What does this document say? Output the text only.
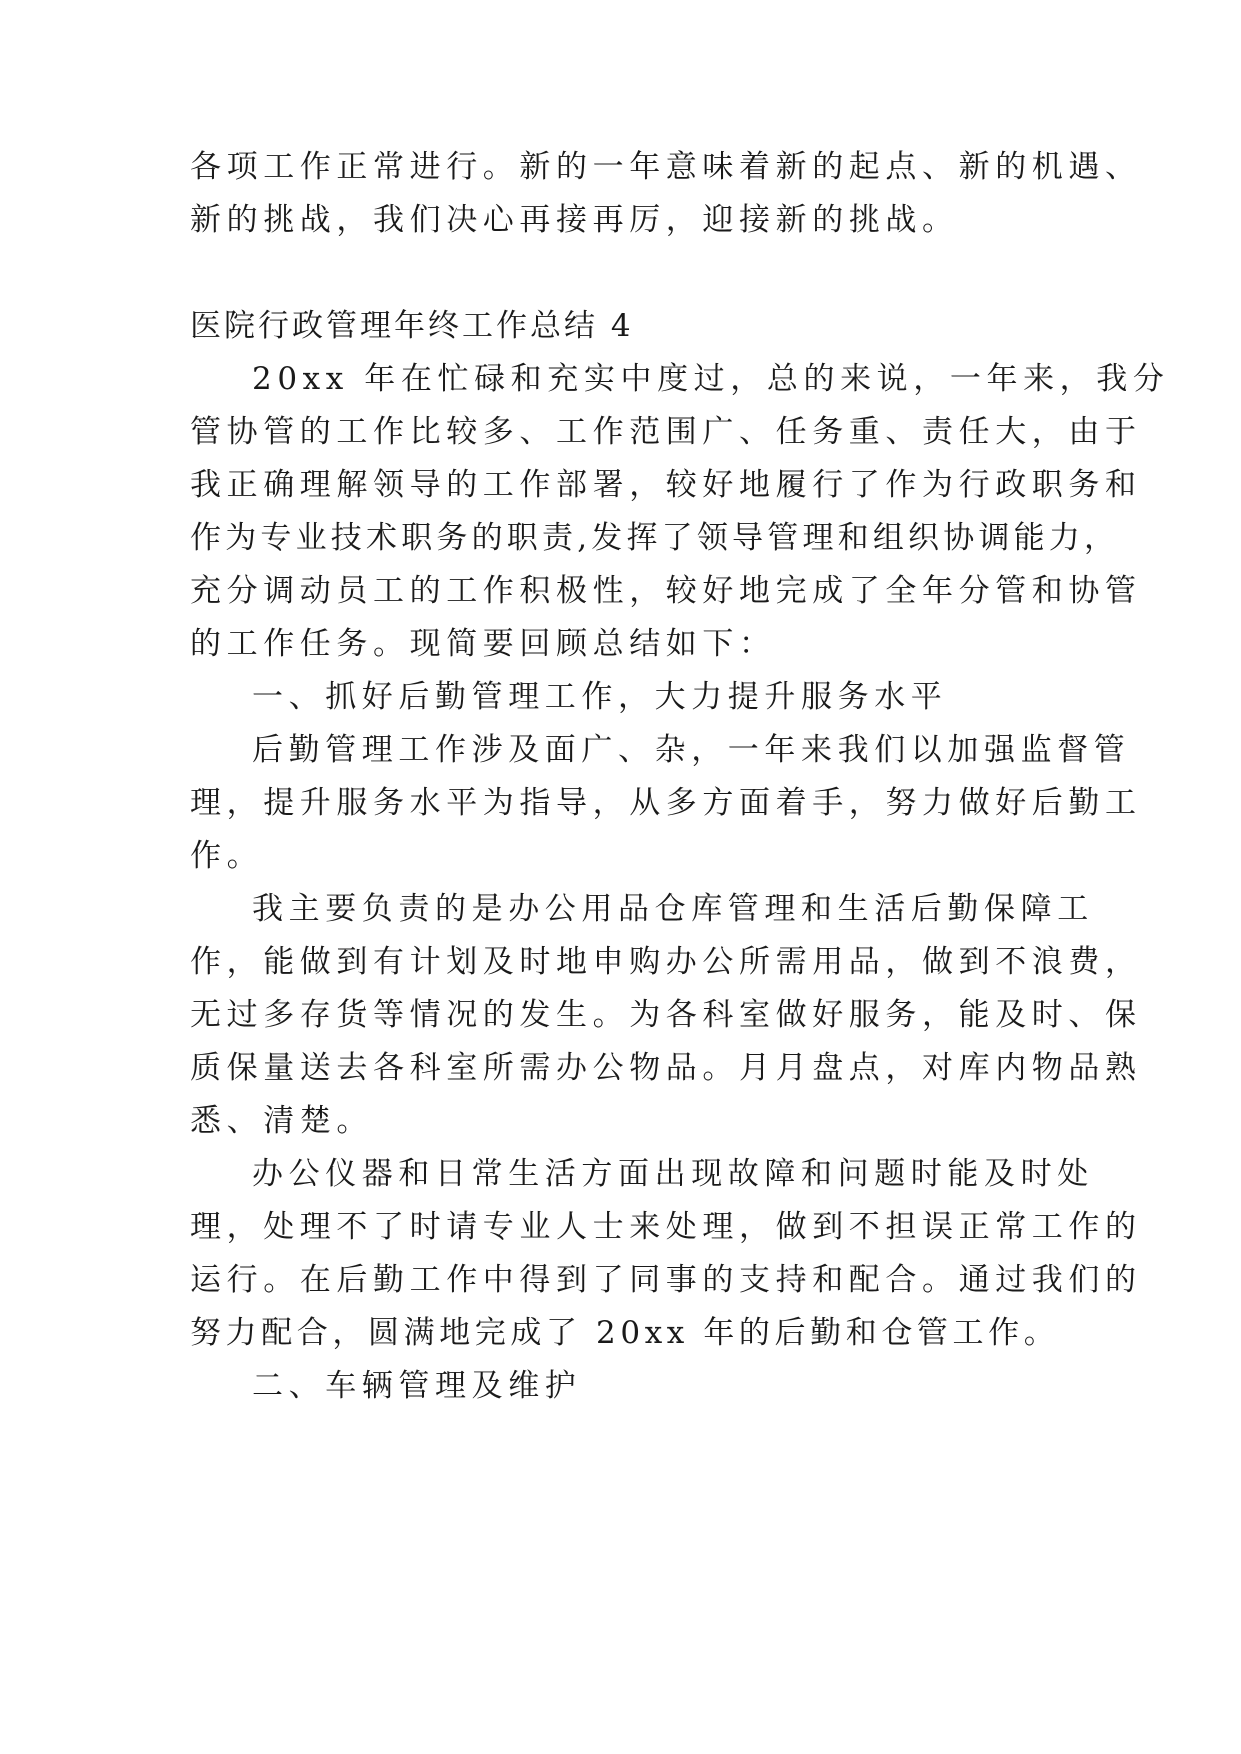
各项工作正常进行。新的一年意味着新的起点、新的机遇、
新的挑战，我们决心再接再厉，迎接新的挑战。
医院行政管理年终工作总结 4
20xx 年在忙碌和充实中度过，总的来说，一年来，我分
管协管的工作比较多、工作范围广、任务重、责任大，由于
我正确理解领导的工作部署，较好地履行了作为行政职务和
作为专业技术职务的职责,发挥了领导管理和组织协调能力，
充分调动员工的工作积极性，较好地完成了全年分管和协管
的工作任务。现简要回顾总结如下：
一、抓好后勤管理工作，大力提升服务水平
后勤管理工作涉及面广、杂，一年来我们以加强监督管
理，提升服务水平为指导，从多方面着手，努力做好后勤工
作。
我主要负责的是办公用品仓库管理和生活后勤保障工
作，能做到有计划及时地申购办公所需用品，做到不浪费，
无过多存货等情况的发生。为各科室做好服务，能及时、保
质保量送去各科室所需办公物品。月月盘点，对库内物品熟
悉、清楚。
办公仪器和日常生活方面出现故障和问题时能及时处
理，处理不了时请专业人士来处理，做到不担误正常工作的
运行。在后勤工作中得到了同事的支持和配合。通过我们的
努力配合，圆满地完成了 20xx 年的后勤和仓管工作。
二、车辆管理及维护
